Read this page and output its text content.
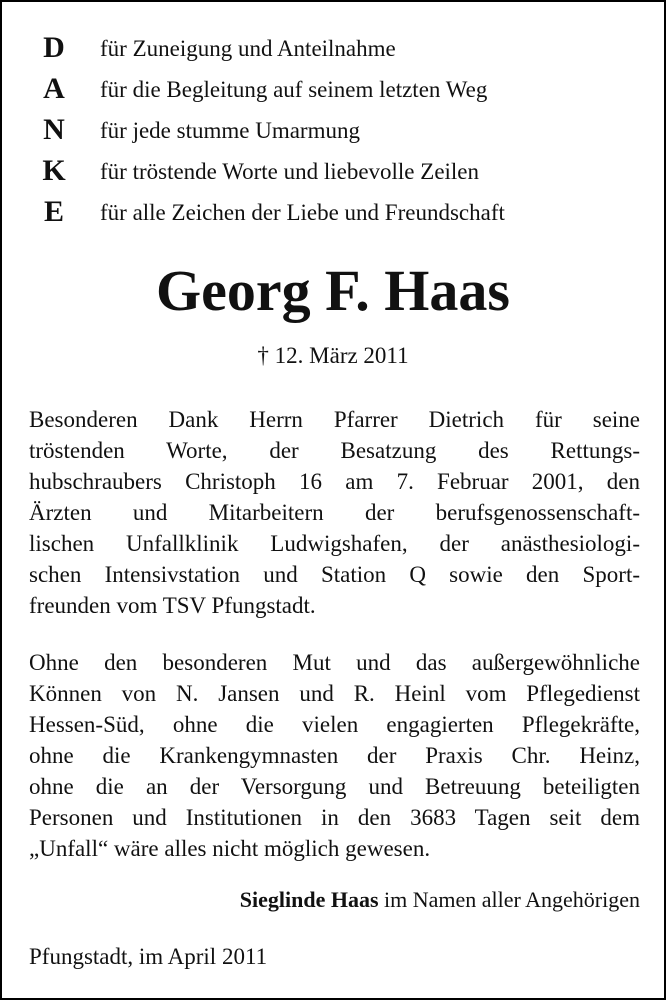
D für Zuneigung und Anteilnahme
A für die Begleitung auf seinem letzten Weg
N für jede stumme Umarmung
K für tröstende Worte und liebevolle Zeilen
E für alle Zeichen der Liebe und Freundschaft
Georg F. Haas
† 12. März 2011
Besonderen Dank Herrn Pfarrer Dietrich für seine
tröstenden Worte, der Besatzung des Rettungs-
hubschraubers Christoph 16 am 7. Februar 2001, den
Ärzten und Mitarbeitern der berufsgenossenschaft-
lischen Unfallklinik Ludwigshafen, der anästhesiologi-
schen Intensivstation und Station Q sowie den Sport-
freunden vom TSV Pfungstadt.
Ohne den besonderen Mut und das außergewöhnliche
Können von N. Jansen und R. Heinl vom Pflegedienst
Hessen-Süd, ohne die vielen engagierten Pflegekräfte,
ohne die Krankengymnasten der Praxis Chr. Heinz,
ohne die an der Versorgung und Betreuung beteiligten
Personen und Institutionen in den 3683 Tagen seit dem
„Unfall“ wäre alles nicht möglich gewesen.
Sieglinde Haas im Namen aller Angehörigen
Pfungstadt, im April 2011
